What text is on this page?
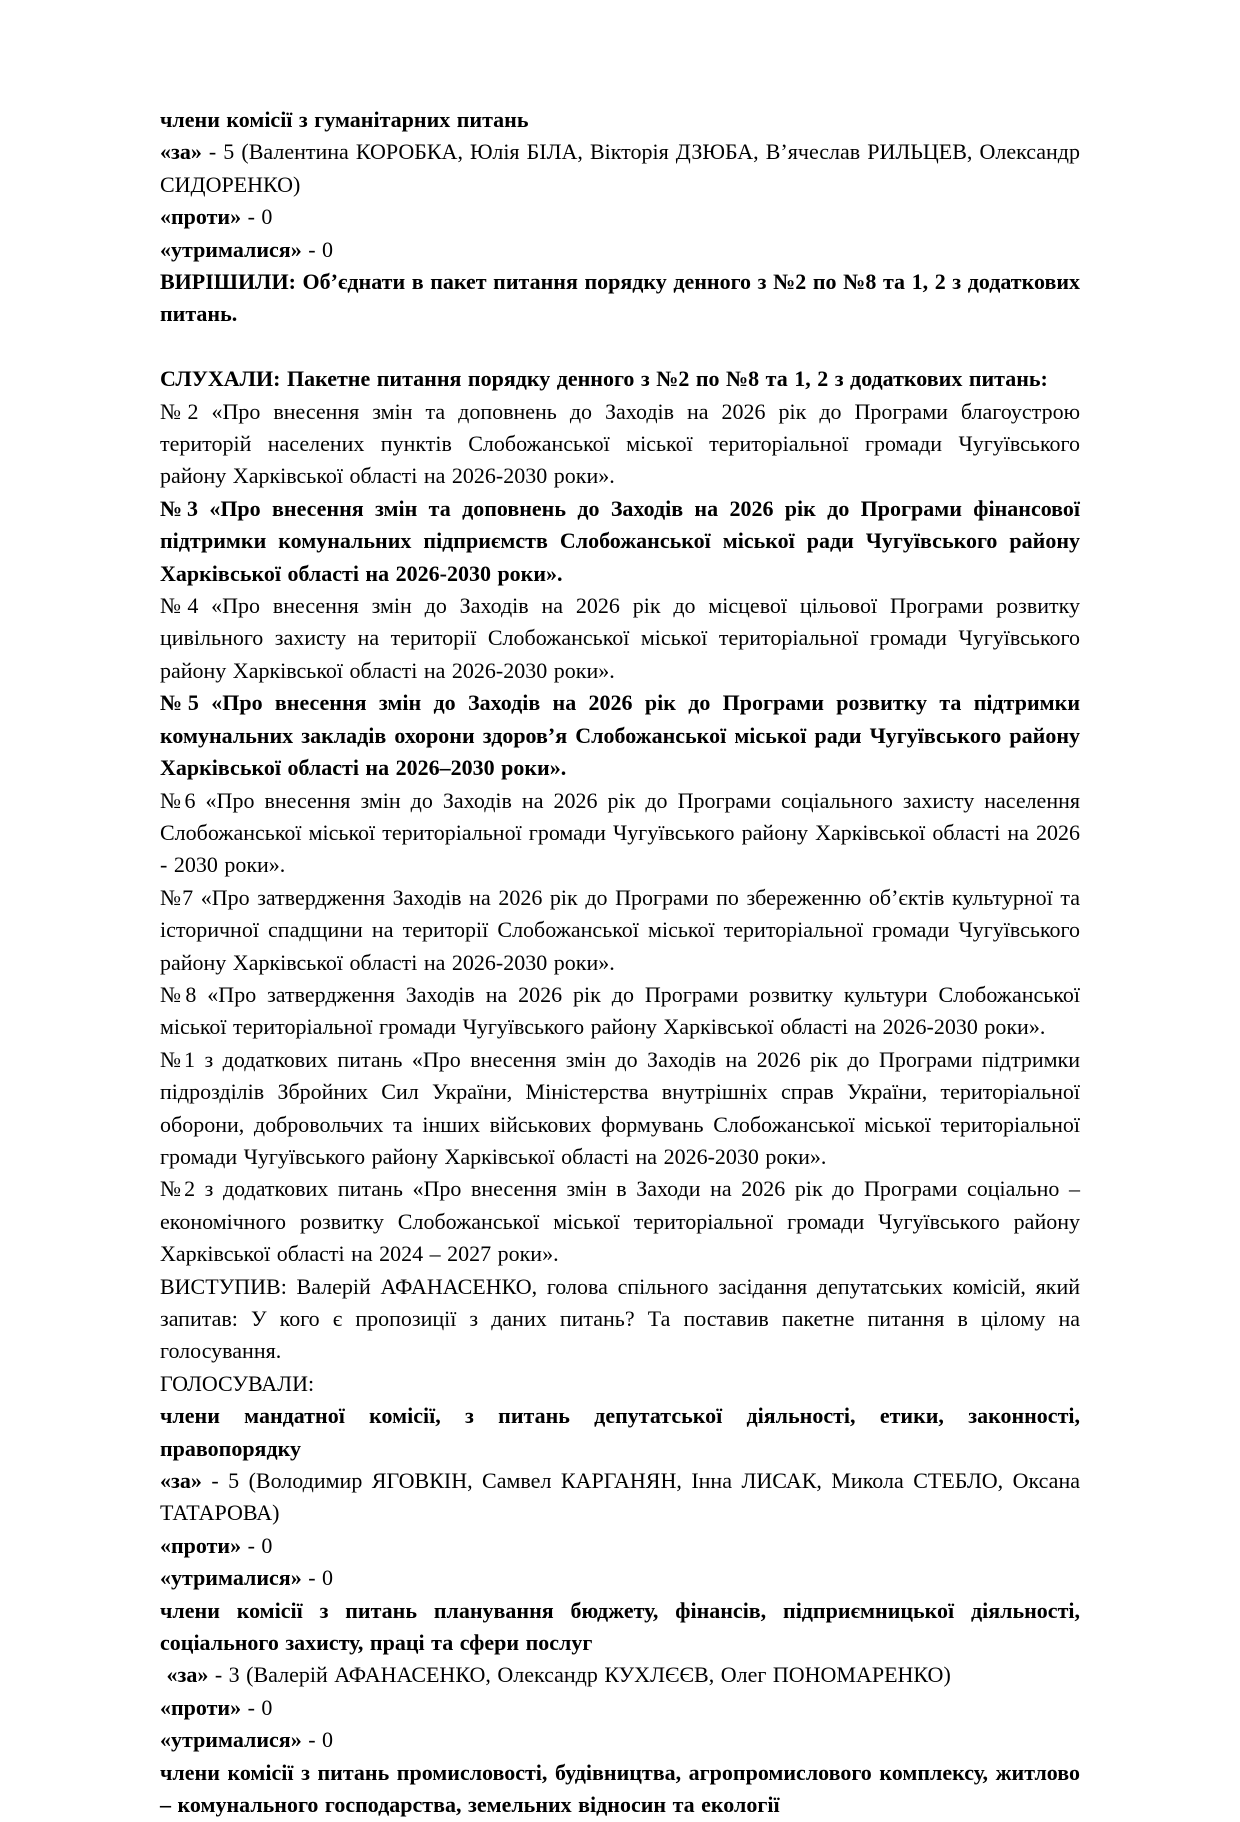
члени комісії з гуманітарних питань

«за» - 5 (Валентина КОРОБКА, Юлія БІЛА, Вікторія ДЗЮБА, В’ячеслав РИЛЬЦЕВ, Олександр СИДОРЕНКО)

«проти» - 0

«утрималися» - 0

ВИРІШИЛИ: Об’єднати в пакет питання порядку денного з №2 по №8 та 1, 2 з додаткових питань.

СЛУХАЛИ: Пакетне питання порядку денного з №2 по №8 та 1, 2 з додаткових питань:

№2 «Про внесення змін та доповнень до Заходів на 2026 рік до Програми благоустрою територій населених пунктів Слобожанської міської територіальної громади Чугуївського району Харківської області на 2026-2030 роки».

№3 «Про внесення змін та доповнень до Заходів на 2026 рік до Програми фінансової підтримки комунальних підприємств Слобожанської міської ради Чугуївського району Харківської області на 2026-2030 роки».

№4 «Про внесення змін до Заходів на 2026 рік до місцевої цільової Програми розвитку цивільного захисту на території Слобожанської міської територіальної громади Чугуївського району Харківської області на 2026-2030 роки».

№5 «Про внесення змін до Заходів на 2026 рік до Програми розвитку та підтримки комунальних закладів охорони здоров’я Слобожанської міської ради Чугуївського району Харківської області на 2026–2030 роки».

№6 «Про внесення змін до Заходів на 2026 рік до Програми соціального захисту населення Слобожанської міської територіальної громади Чугуївського району Харківської області на 2026 - 2030 роки».

№7 «Про затвердження Заходів на 2026 рік до Програми по збереженню об’єктів культурної та історичної спадщини на території Слобожанської міської територіальної громади Чугуївського району Харківської області на 2026-2030 роки».

№8 «Про затвердження Заходів на 2026 рік до Програми розвитку культури Слобожанської міської територіальної громади Чугуївського району Харківської області на 2026-2030 роки».

№1 з додаткових питань «Про внесення змін до Заходів на 2026 рік до Програми підтримки підрозділів Збройних Сил України, Міністерства внутрішніх справ України, територіальної оборони, добровольчих та інших військових формувань Слобожанської міської територіальної громади Чугуївського району Харківської області на 2026-2030 роки».

№2 з додаткових питань «Про внесення змін в Заходи на 2026 рік до Програми соціально – економічного розвитку Слобожанської міської територіальної громади Чугуївського району Харківської області на 2024 – 2027 роки».

ВИСТУПИВ: Валерій АФАНАСЕНКО, голова спільного засідання депутатських комісій, який запитав: У кого є пропозиції з даних питань? Та поставив пакетне питання в цілому на голосування.

ГОЛОСУВАЛИ:

члени мандатної комісії, з питань депутатської діяльності, етики, законності, правопорядку

«за» - 5 (Володимир ЯГОВКІН, Самвел КАРГАНЯН, Інна ЛИСАК, Микола СТЕБЛО, Оксана ТАТАРОВА)

«проти» - 0

«утрималися» - 0

члени комісії з питань планування бюджету, фінансів, підприємницької діяльності, соціального захисту, праці та сфери послуг

«за» - 3 (Валерій АФАНАСЕНКО, Олександр КУХЛЄЄВ, Олег ПОНОМАРЕНКО)

«проти» - 0

«утрималися» - 0

члени комісії з питань промисловості, будівництва, агропромислового комплексу, житлово – комунального господарства, земельних відносин та екології
